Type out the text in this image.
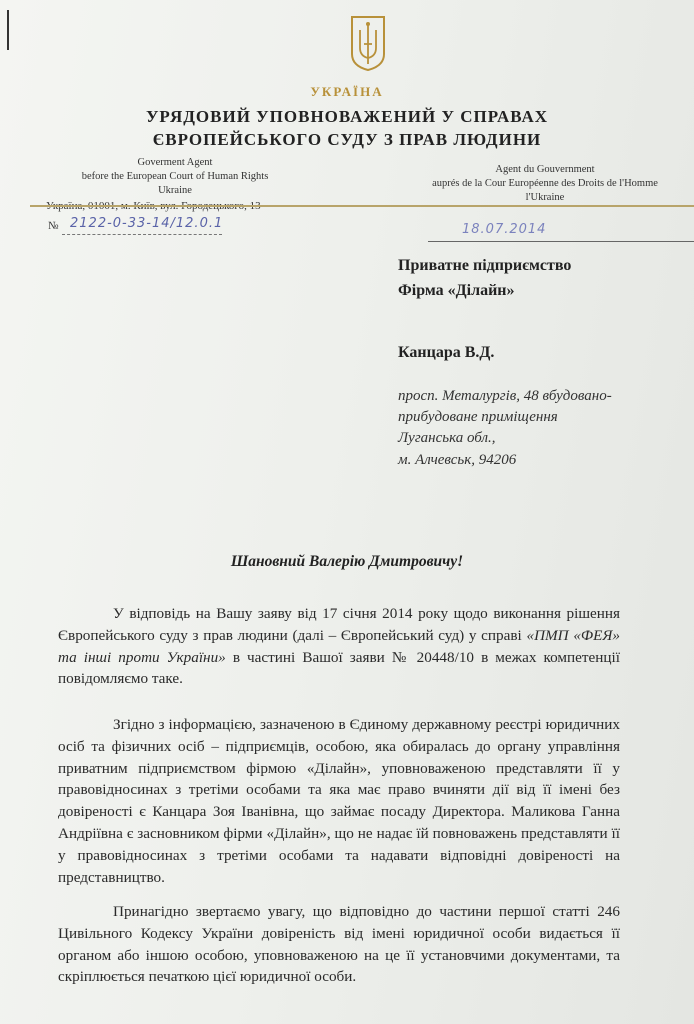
УКРАЇНА
УРЯДОВИЙ УПОВНОВАЖЕНИЙ У СПРАВАХ
ЄВРОПЕЙСЬКОГО СУДУ З ПРАВ ЛЮДИНИ
Goverment Agent
before the European Court of Human Rights
Ukraine
Agent du Gouvernment
auprés de la Cour Européenne des Droits de l'Homme
l'Ukraine
№ 2122-0-33-14/12.0.1	18.07.2014
Приватне підприємство
Фірма «Ділайн»
Канцара В.Д.
просп. Металургів, 48 вбудовано-
прибудоване приміщення
Луганська обл.,
м. Алчевськ, 94206
Шановний Валерію Дмитровичу!
У відповідь на Вашу заяву від 17 січня 2014 року щодо виконання рішення Європейського суду з прав людини (далі – Європейський суд) у справі «ПМП «ФЕЯ» та інші проти України» в частині Вашої заяви № 20448/10 в межах компетенції повідомляємо таке.
Згідно з інформацією, зазначеною в Єдиному державному реєстрі юридичних осіб та фізичних осіб – підприємців, особою, яка обиралась до органу управління приватним підприємством фірмою «Ділайн», уповноваженою представляти її у правовідносинах з третіми особами та яка має право вчиняти дії від її імені без довіреності є Канцара Зоя Іванівна, що займає посаду Директора. Маликова Ганна Андріївна є засновником фірми «Ділайн», що не надає їй повноважень представляти її у правовідносинах з третіми особами та надавати відповідні довіреності на представництво.
Принагідно звертаємо увагу, що відповідно до частини першої статті 246 Цивільного Кодексу України довіреність від імені юридичної особи видається її органом або іншою особою, уповноваженою на це її установчими документами, та скріплюється печаткою цієї юридичної особи.
